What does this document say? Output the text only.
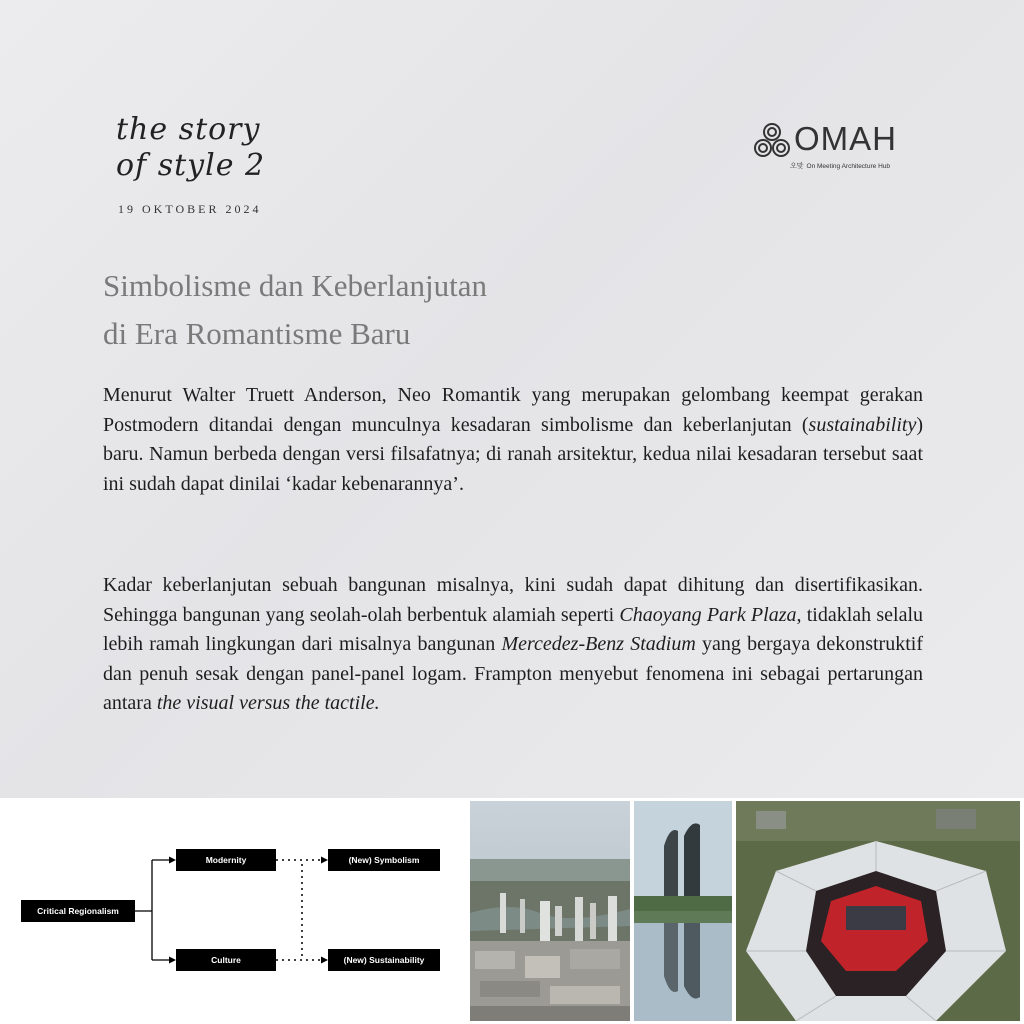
the story
of style 2
19 OKTOBER 2024
OMAH
오맞 On Meeting Architecture Hub
Simbolisme dan Keberlanjutan
di Era Romantisme Baru

Menurut Walter Truett Anderson, Neo Romantik yang merupakan gelombang keempat gerakan Postmodern ditandai dengan munculnya kesadaran simbolisme dan keberlanjutan (sustainability) baru. Namun berbeda dengan versi filsafatnya; di ranah arsitektur, kedua nilai kesadaran tersebut saat ini sudah dapat dinilai ‘kadar kebenarannya’.

Kadar keberlanjutan sebuah bangunan misalnya, kini sudah dapat dihitung dan disertifikasikan. Sehingga bangunan yang seolah-olah berbentuk alamiah seperti Chaoyang Park Plaza, tidaklah selalu lebih ramah lingkungan dari misalnya bangunan Mercedez-Benz Stadium yang bergaya dekonstruktif dan penuh sesak dengan panel-panel logam. Frampton menyebut fenomena ini sebagai pertarungan antara the visual versus the tactile.

Critical Regionalism
Modernity
Culture
(New) Symbolism
(New) Sustainability
